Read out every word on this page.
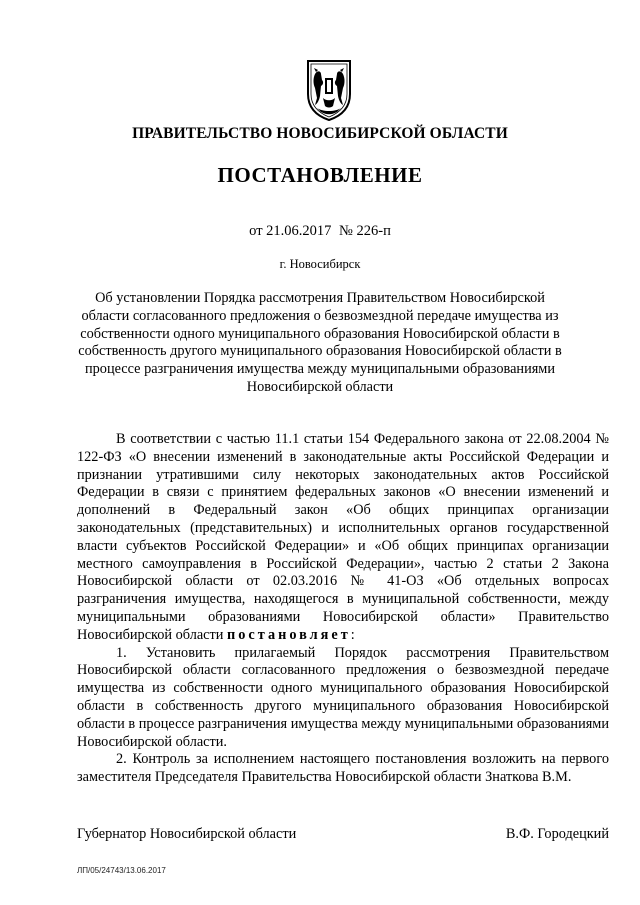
ПРАВИТЕЛЬСТВО НОВОСИБИРСКОЙ ОБЛАСТИ
ПОСТАНОВЛЕНИЕ
от 21.06.2017 № 226-п
г. Новосибирск
Об установлении Порядка рассмотрения Правительством Новосибирской области согласованного предложения о безвозмездной передаче имущества из собственности одного муниципального образования Новосибирской области в собственность другого муниципального образования Новосибирской области в процессе разграничения имущества между муниципальными образованиями Новосибирской области

В соответствии с частью 11.1 статьи 154 Федерального закона от 22.08.2004 № 122-ФЗ «О внесении изменений в законодательные акты Российской Федерации и признании утратившими силу некоторых законодательных актов Российской Федерации в связи с принятием федеральных законов «О внесении изменений и дополнений в Федеральный закон «Об общих принципах организации законодательных (представительных) и исполнительных органов государственной власти субъектов Российской Федерации» и «Об общих принципах организации местного самоуправления в Российской Федерации», частью 2 статьи 2 Закона Новосибирской области от 02.03.2016 № 41-ОЗ «Об отдельных вопросах разграничения имущества, находящегося в муниципальной собственности, между муниципальными образованиями Новосибирской области» Правительство Новосибирской области постановляет:

1. Установить прилагаемый Порядок рассмотрения Правительством Новосибирской области согласованного предложения о безвозмездной передаче имущества из собственности одного муниципального образования Новосибирской области в собственность другого муниципального образования Новосибирской области в процессе разграничения имущества между муниципальными образованиями Новосибирской области.

2. Контроль за исполнением настоящего постановления возложить на первого заместителя Председателя Правительства Новосибирской области Знаткова В.М.

Губернатор Новосибирской области	В.Ф. Городецкий
ЛП/05/24743/13.06.2017
